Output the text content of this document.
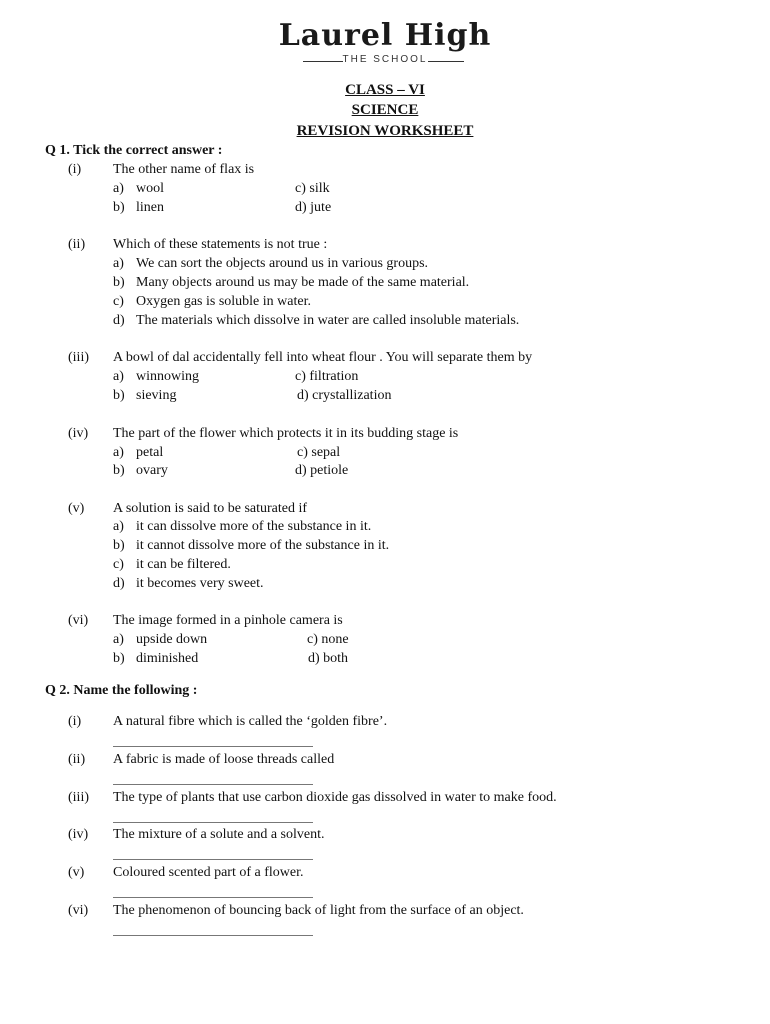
Laurel High
THE SCHOOL
CLASS – VI
SCIENCE
REVISION WORKSHEET
Q 1. Tick the correct answer :
(i) The other name of flax is
a) wool	c) silk
b) linen	d) jute
(ii) Which of these statements is not true :
a) We can sort the objects around us in various groups.
b) Many objects around us may be made of the same material.
c) Oxygen gas is soluble in water.
d) The materials which dissolve in water are called insoluble materials.
(iii) A bowl of dal accidentally fell into wheat flour . You will separate them by
a) winnowing	c) filtration
b) sieving	d) crystallization
(iv) The part of the flower which protects it in its budding stage is
a) petal	c) sepal
b) ovary	d) petiole
(v) A solution is said to be saturated if
a) it can dissolve more of the substance in it.
b) it cannot dissolve more of the substance in it.
c) it can be filtered.
d) it becomes very sweet.
(vi) The image formed in a pinhole camera is
a) upside down	c) none
b) diminished	d) both
Q 2. Name the following :
(i) A natural fibre which is called the ‘golden fibre’.
(ii) A fabric is made of loose threads called
(iii) The type of plants that use carbon dioxide gas dissolved in water to make food.
(iv) The mixture of a solute and a solvent.
(v) Coloured scented part of a flower.
(vi) The phenomenon of bouncing back of light from the surface of an object.
